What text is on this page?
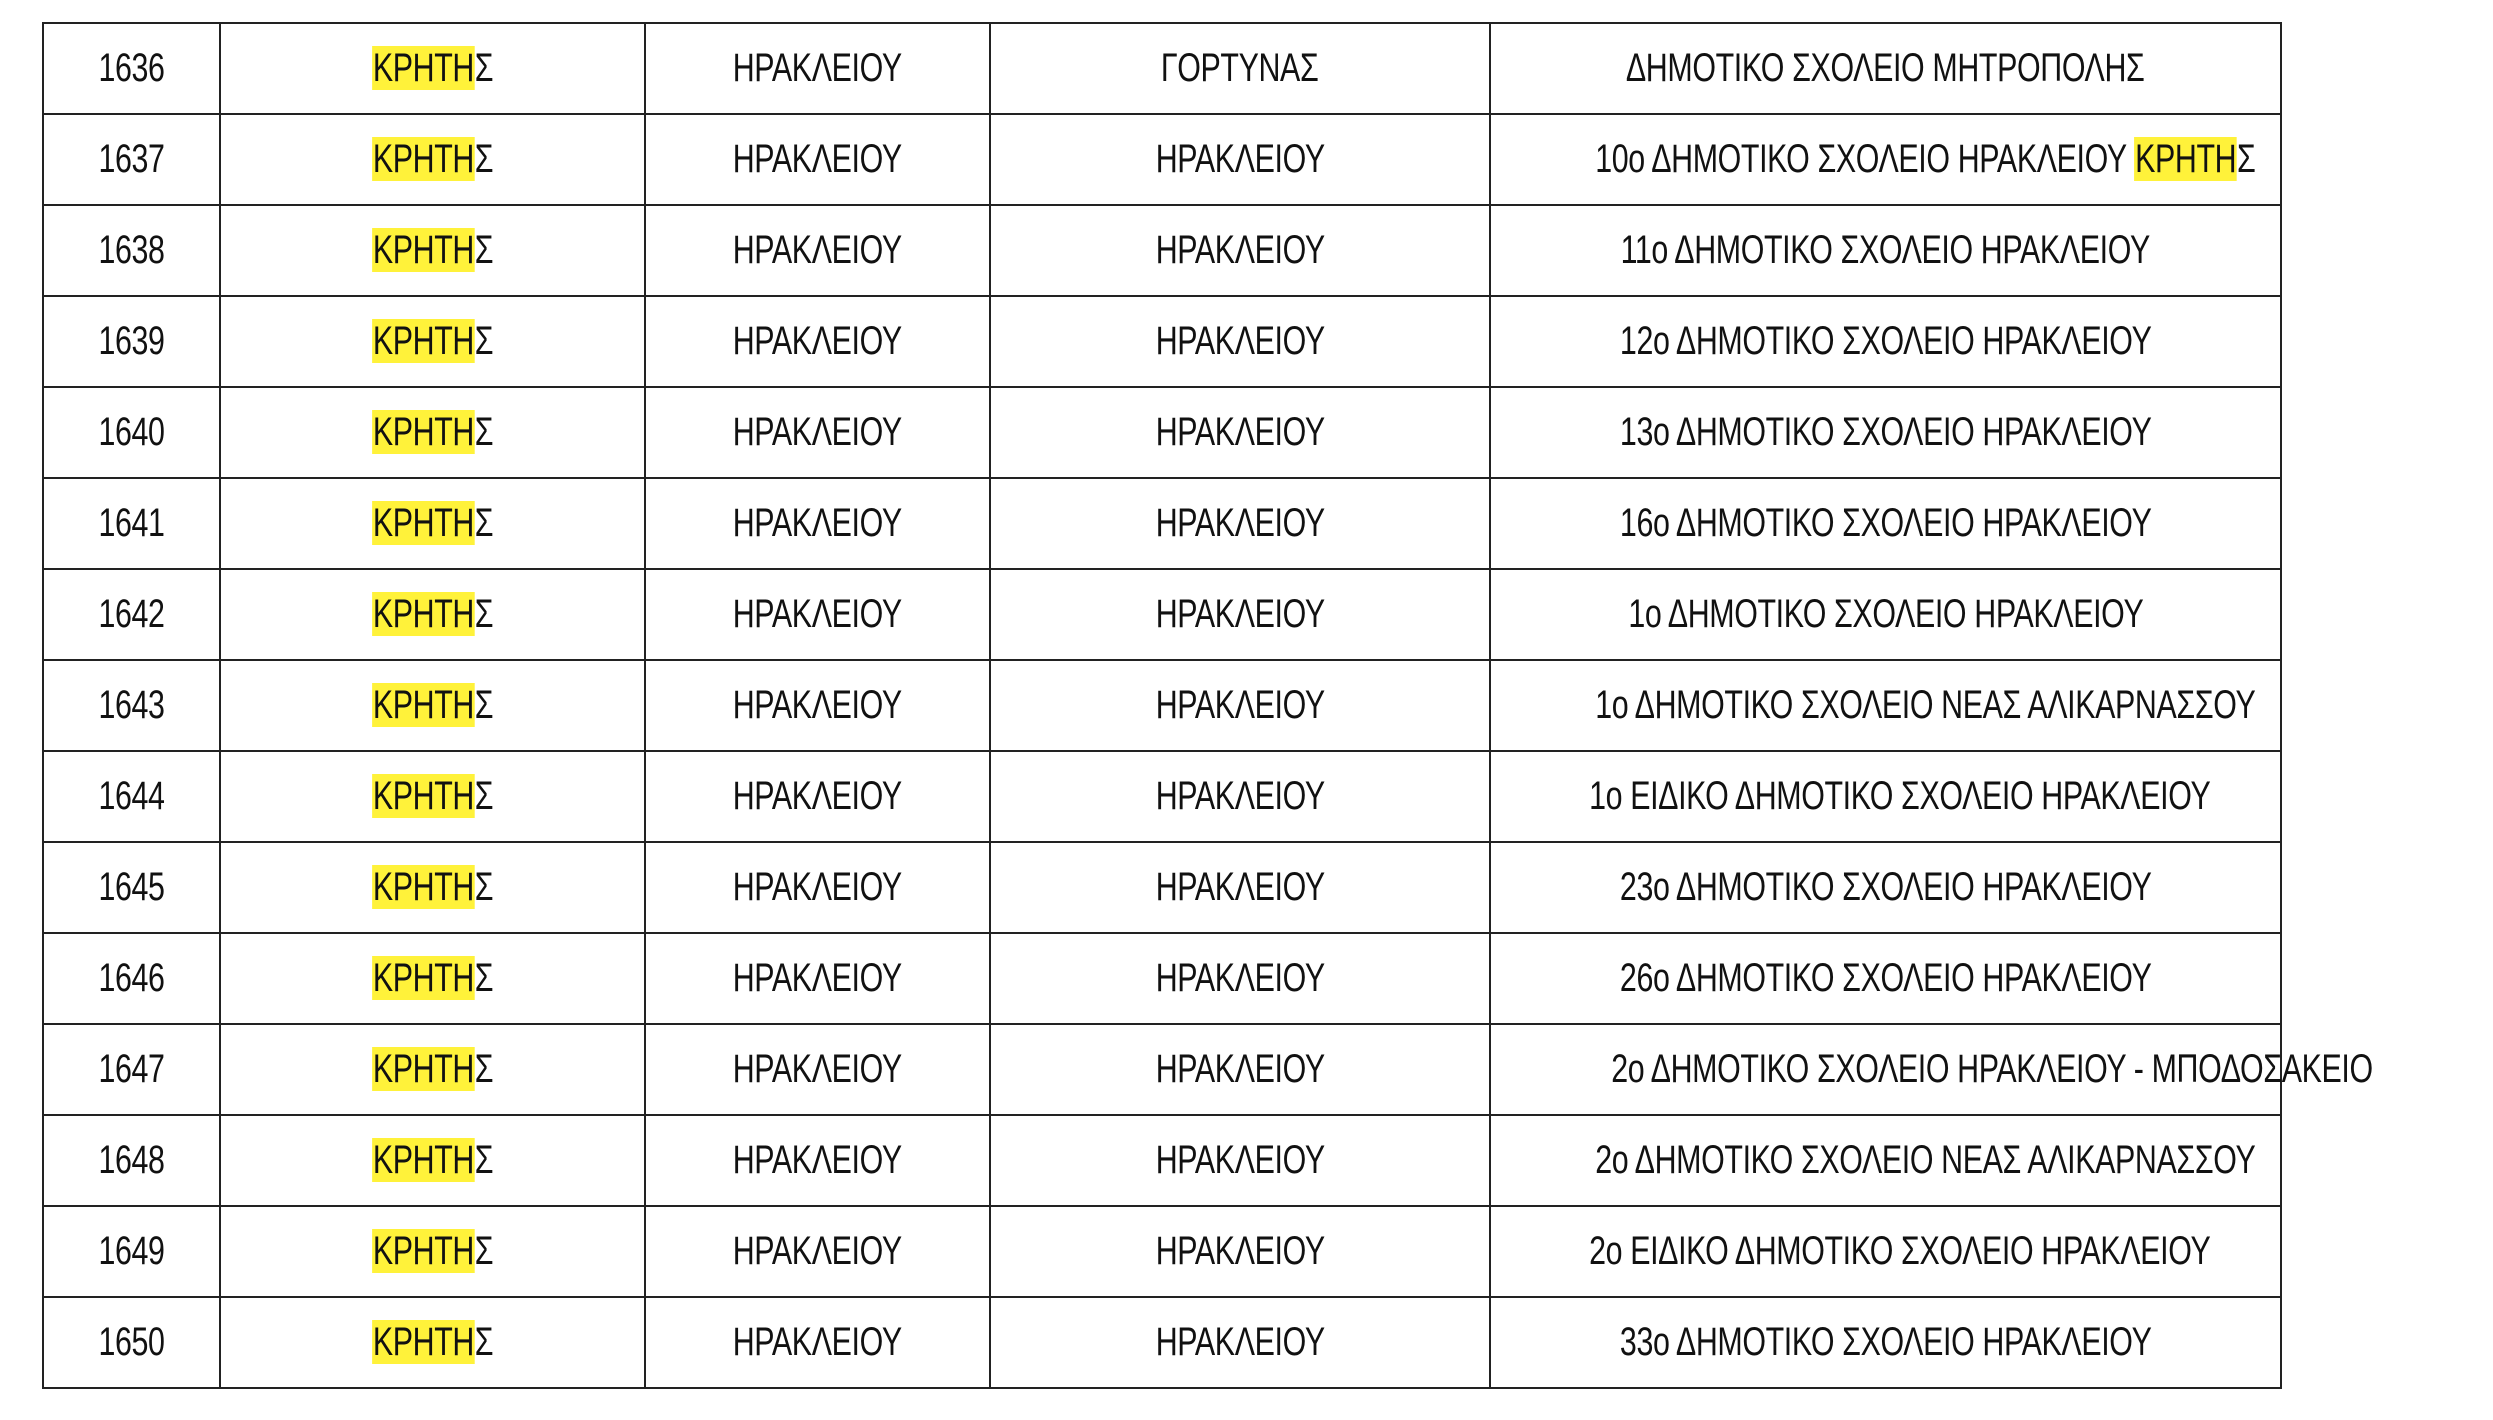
1636	ΚΡΗΤΗΣ	ΗΡΑΚΛΕΙΟΥ	ΓΟΡΤΥΝΑΣ	ΔΗΜΟΤΙΚΟ ΣΧΟΛΕΙΟ ΜΗΤΡΟΠΟΛΗΣ
1637	ΚΡΗΤΗΣ	ΗΡΑΚΛΕΙΟΥ	ΗΡΑΚΛΕΙΟΥ	10ο ΔΗΜΟΤΙΚΟ ΣΧΟΛΕΙΟ ΗΡΑΚΛΕΙΟΥ ΚΡΗΤΗΣ
1638	ΚΡΗΤΗΣ	ΗΡΑΚΛΕΙΟΥ	ΗΡΑΚΛΕΙΟΥ	11ο ΔΗΜΟΤΙΚΟ ΣΧΟΛΕΙΟ ΗΡΑΚΛΕΙΟΥ
1639	ΚΡΗΤΗΣ	ΗΡΑΚΛΕΙΟΥ	ΗΡΑΚΛΕΙΟΥ	12ο ΔΗΜΟΤΙΚΟ ΣΧΟΛΕΙΟ ΗΡΑΚΛΕΙΟΥ
1640	ΚΡΗΤΗΣ	ΗΡΑΚΛΕΙΟΥ	ΗΡΑΚΛΕΙΟΥ	13ο ΔΗΜΟΤΙΚΟ ΣΧΟΛΕΙΟ ΗΡΑΚΛΕΙΟΥ
1641	ΚΡΗΤΗΣ	ΗΡΑΚΛΕΙΟΥ	ΗΡΑΚΛΕΙΟΥ	16ο ΔΗΜΟΤΙΚΟ ΣΧΟΛΕΙΟ ΗΡΑΚΛΕΙΟΥ
1642	ΚΡΗΤΗΣ	ΗΡΑΚΛΕΙΟΥ	ΗΡΑΚΛΕΙΟΥ	1ο ΔΗΜΟΤΙΚΟ ΣΧΟΛΕΙΟ ΗΡΑΚΛΕΙΟΥ
1643	ΚΡΗΤΗΣ	ΗΡΑΚΛΕΙΟΥ	ΗΡΑΚΛΕΙΟΥ	1ο ΔΗΜΟΤΙΚΟ ΣΧΟΛΕΙΟ ΝΕΑΣ ΑΛΙΚΑΡΝΑΣΣΟΥ
1644	ΚΡΗΤΗΣ	ΗΡΑΚΛΕΙΟΥ	ΗΡΑΚΛΕΙΟΥ	1ο ΕΙΔΙΚΟ ΔΗΜΟΤΙΚΟ ΣΧΟΛΕΙΟ ΗΡΑΚΛΕΙΟΥ
1645	ΚΡΗΤΗΣ	ΗΡΑΚΛΕΙΟΥ	ΗΡΑΚΛΕΙΟΥ	23ο ΔΗΜΟΤΙΚΟ ΣΧΟΛΕΙΟ ΗΡΑΚΛΕΙΟΥ
1646	ΚΡΗΤΗΣ	ΗΡΑΚΛΕΙΟΥ	ΗΡΑΚΛΕΙΟΥ	26ο ΔΗΜΟΤΙΚΟ ΣΧΟΛΕΙΟ ΗΡΑΚΛΕΙΟΥ
1647	ΚΡΗΤΗΣ	ΗΡΑΚΛΕΙΟΥ	ΗΡΑΚΛΕΙΟΥ	2ο ΔΗΜΟΤΙΚΟ ΣΧΟΛΕΙΟ ΗΡΑΚΛΕΙΟΥ - ΜΠΟΔΟΣΑΚΕΙΟ
1648	ΚΡΗΤΗΣ	ΗΡΑΚΛΕΙΟΥ	ΗΡΑΚΛΕΙΟΥ	2ο ΔΗΜΟΤΙΚΟ ΣΧΟΛΕΙΟ ΝΕΑΣ ΑΛΙΚΑΡΝΑΣΣΟΥ
1649	ΚΡΗΤΗΣ	ΗΡΑΚΛΕΙΟΥ	ΗΡΑΚΛΕΙΟΥ	2ο ΕΙΔΙΚΟ ΔΗΜΟΤΙΚΟ ΣΧΟΛΕΙΟ ΗΡΑΚΛΕΙΟΥ
1650	ΚΡΗΤΗΣ	ΗΡΑΚΛΕΙΟΥ	ΗΡΑΚΛΕΙΟΥ	33ο ΔΗΜΟΤΙΚΟ ΣΧΟΛΕΙΟ ΗΡΑΚΛΕΙΟΥ
